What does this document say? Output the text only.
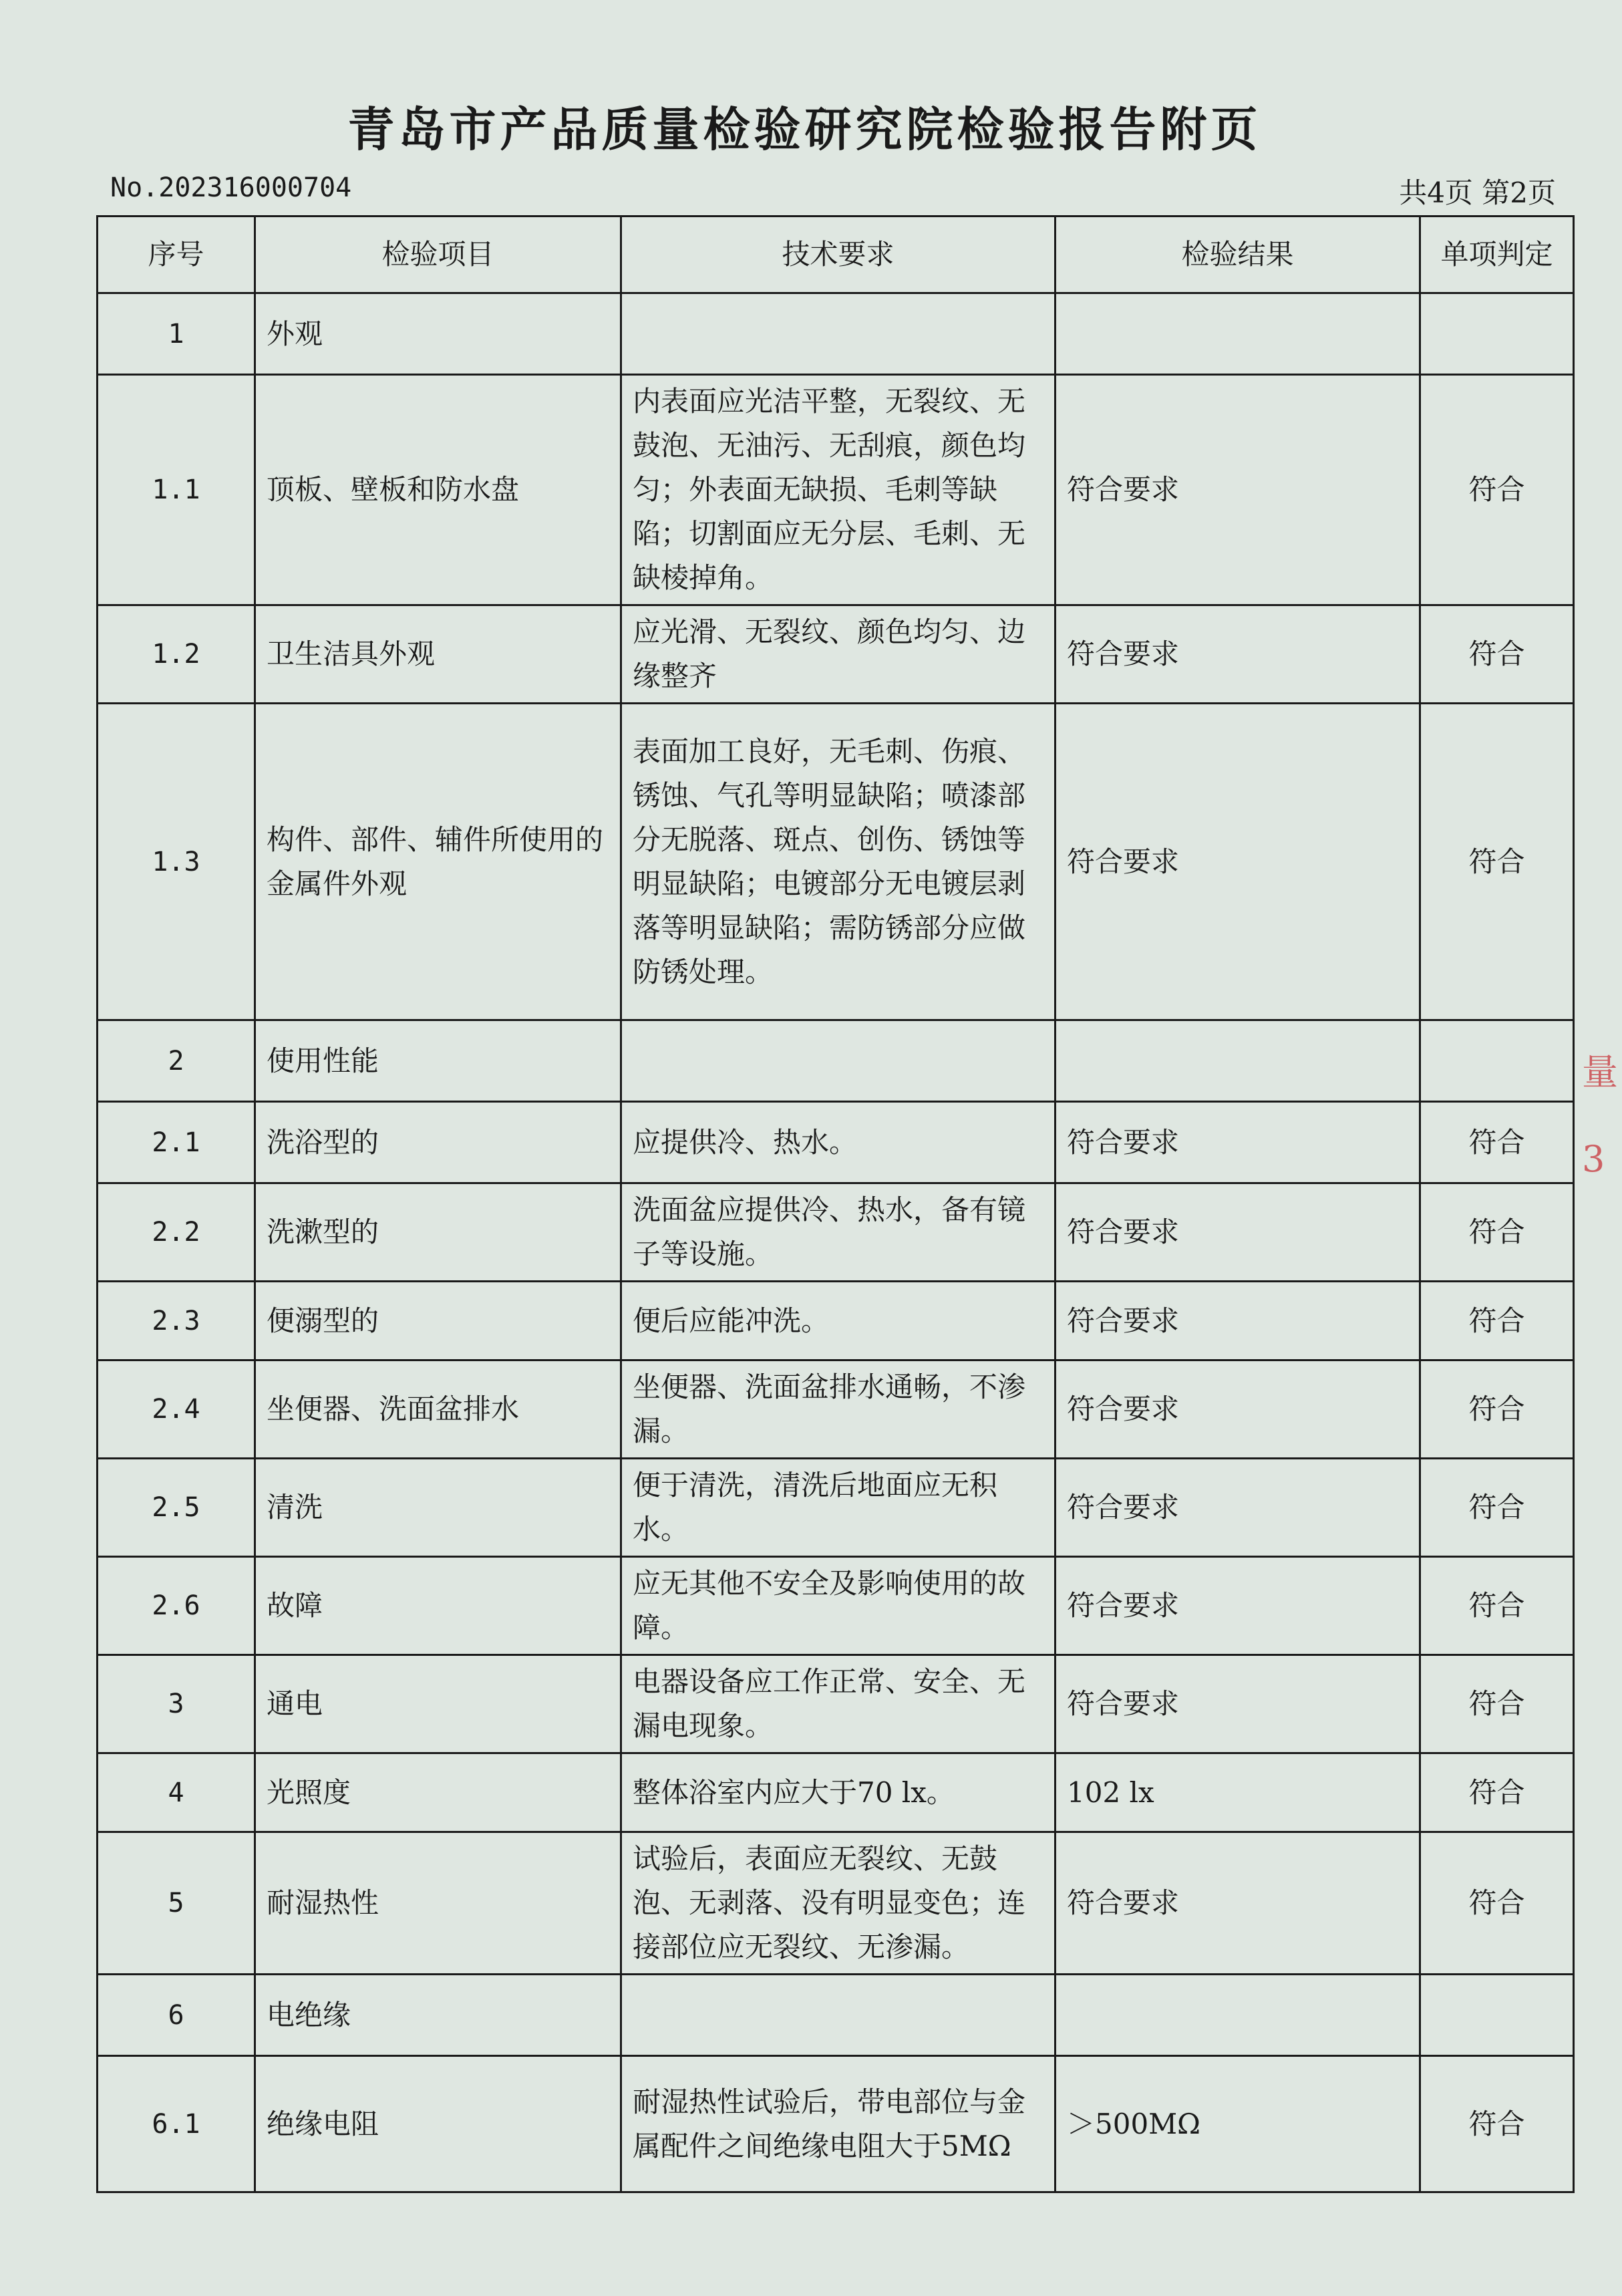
青岛市产品质量检验研究院检验报告附页
No.202316000704	共4页 第2页
序号	检验项目	技术要求	检验结果	单项判定
1	外观			
1.1	顶板、壁板和防水盘	内表面应光洁平整，无裂纹、无鼓泡、无油污、无刮痕，颜色均匀；外表面无缺损、毛刺等缺陷；切割面应无分层、毛刺、无缺棱掉角。	符合要求	符合
1.2	卫生洁具外观	应光滑、无裂纹、颜色均匀、边缘整齐	符合要求	符合
1.3	构件、部件、辅件所使用的金属件外观	表面加工良好，无毛刺、伤痕、锈蚀、气孔等明显缺陷；喷漆部分无脱落、斑点、创伤、锈蚀等明显缺陷；电镀部分无电镀层剥落等明显缺陷；需防锈部分应做防锈处理。	符合要求	符合
2	使用性能			
2.1	洗浴型的	应提供冷、热水。	符合要求	符合
2.2	洗漱型的	洗面盆应提供冷、热水，备有镜子等设施。	符合要求	符合
2.3	便溺型的	便后应能冲洗。	符合要求	符合
2.4	坐便器、洗面盆排水	坐便器、洗面盆排水通畅，不渗漏。	符合要求	符合
2.5	清洗	便于清洗，清洗后地面应无积水。	符合要求	符合
2.6	故障	应无其他不安全及影响使用的故障。	符合要求	符合
3	通电	电器设备应工作正常、安全、无漏电现象。	符合要求	符合
4	光照度	整体浴室内应大于70 lx。	102 lx	符合
5	耐湿热性	试验后，表面应无裂纹、无鼓泡、无剥落、没有明显变色；连接部位应无裂纹、无渗漏。	符合要求	符合
6	电绝缘			
6.1	绝缘电阻	耐湿热性试验后，带电部位与金属配件之间绝缘电阻大于5MΩ	＞500MΩ	符合
量
3
